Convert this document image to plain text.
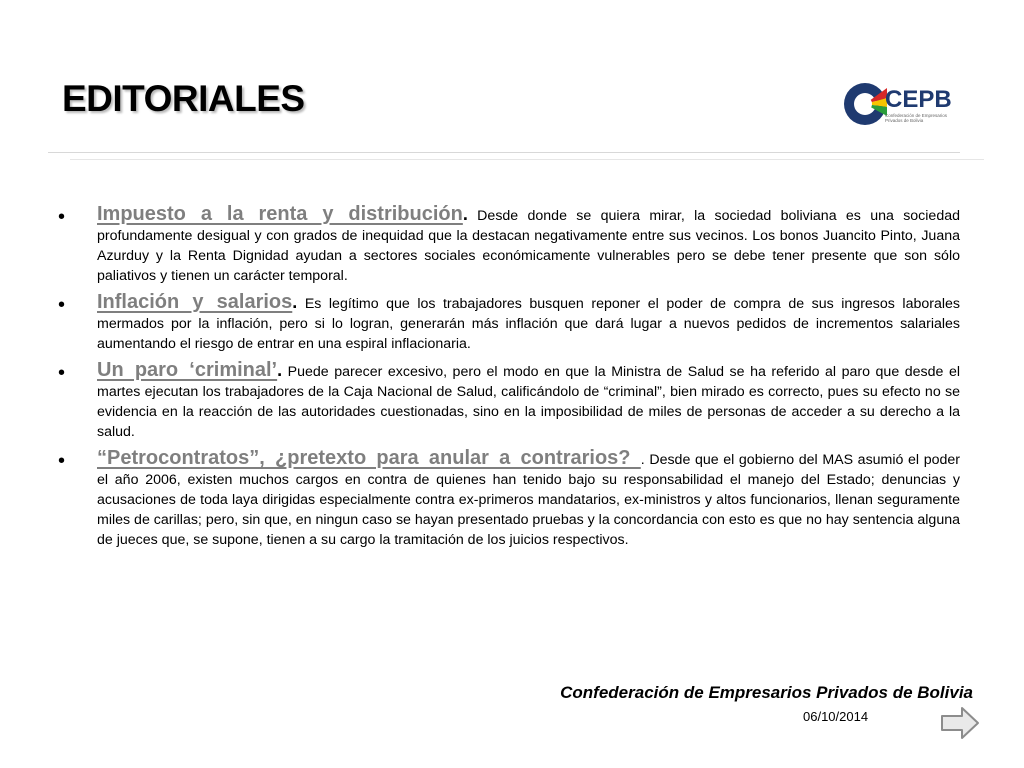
EDITORIALES	CEPB
Confederación de Empresarios Privados de Bolivia
• Impuesto a la renta y distribución. Desde donde se quiera mirar, la sociedad boliviana es una sociedad profundamente desigual y con grados de inequidad que la destacan negativamente entre sus vecinos. Los bonos Juancito Pinto, Juana Azurduy y la Renta Dignidad ayudan a sectores sociales económicamente vulnerables pero se debe tener presente que son sólo paliativos y tienen un carácter temporal.

• Inflación y salarios. Es legítimo que los trabajadores busquen reponer el poder de compra de sus ingresos laborales mermados por la inflación, pero si lo logran, generarán más inflación que dará lugar a nuevos pedidos de incrementos salariales aumentando el riesgo de entrar en una espiral inflacionaria.

• Un paro ‘criminal’. Puede parecer excesivo, pero el modo en que la Ministra de Salud se ha referido al paro que desde el martes ejecutan los trabajadores de la Caja Nacional de Salud, calificándolo de “criminal”, bien mirado es correcto, pues su efecto no se evidencia en la reacción de las autoridades cuestionadas, sino en la imposibilidad de miles de personas de acceder a su derecho a la salud.

• “Petrocontratos”, ¿pretexto para anular a contrarios? . Desde que el gobierno del MAS asumió el poder el año 2006, existen muchos cargos en contra de quienes han tenido bajo su responsabilidad el manejo del Estado; denuncias y acusaciones de toda laya dirigidas especialmente contra ex-primeros mandatarios, ex-ministros y altos funcionarios, llenan seguramente miles de carillas; pero, sin que, en ningun caso se hayan presentado pruebas y la concordancia con esto es que no hay sentencia alguna de jueces que, se supone, tienen a su cargo la tramitación de los juicios respectivos.

Confederación de Empresarios Privados de Bolivia
06/10/2014
